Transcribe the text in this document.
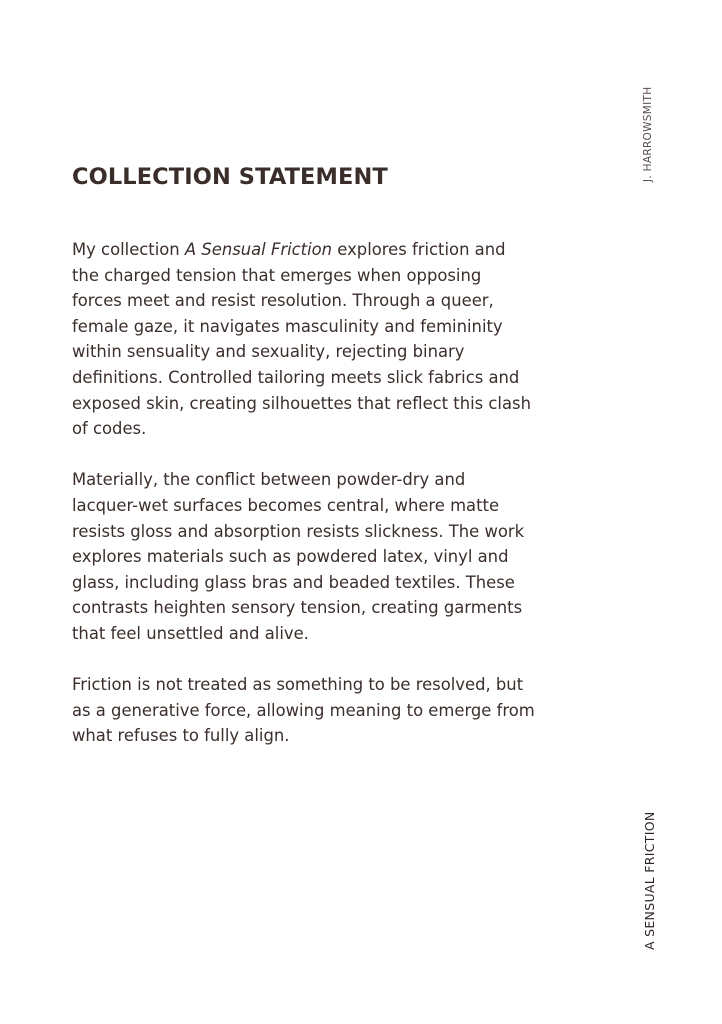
COLLECTION STATEMENT

My collection A Sensual Friction explores friction and
the charged tension that emerges when opposing
forces meet and resist resolution. Through a queer,
female gaze, it navigates masculinity and femininity
within sensuality and sexuality, rejecting binary
definitions. Controlled tailoring meets slick fabrics and
exposed skin, creating silhouettes that reflect this clash
of codes.

Materially, the conflict between powder-dry and
lacquer-wet surfaces becomes central, where matte
resists gloss and absorption resists slickness. The work
explores materials such as powdered latex, vinyl and
glass, including glass bras and beaded textiles. These
contrasts heighten sensory tension, creating garments
that feel unsettled and alive.

Friction is not treated as something to be resolved, but
as a generative force, allowing meaning to emerge from
what refuses to fully align.

J. HARROWSMITH
A SENSUAL FRICTION
